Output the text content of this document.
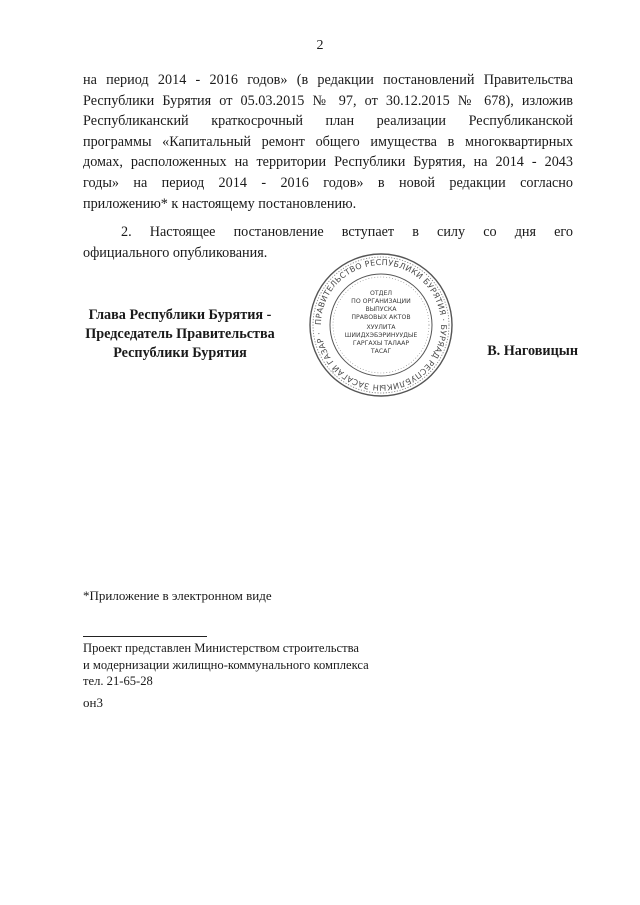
2
на период 2014 - 2016 годов» (в редакции постановлений Правительства
Республики Бурятия от 05.03.2015 № 97, от 30.12.2015 № 678), изложив
Республиканский краткосрочный план реализации Республиканской
программы «Капитальный ремонт общего имущества в многоквартирных
домах, расположенных на территории Республики Бурятия, на 2014 - 2043
годы» на период 2014 - 2016 годов» в новой редакции согласно
приложению* к настоящему постановлению.
2. Настоящее постановление вступает в силу со дня его
официального опубликования.
Глава Республики Бурятия -
Председатель Правительства
Республики Бурятия
ПРАВИТЕЛЬСТВО РЕСПУБЛИКИ БУРЯТИЯ · БУРЯАД РЕСПУБЛИКЫН ЗАСАГАЙ ГАЗАР ·
ОТДЕЛ
ПО ОРГАНИЗАЦИИ
ВЫПУСКА
ПРАВОВЫХ АКТОВ
ХУУЛИТА
ШИИДХЭБЭРИНУУДЫЕ
ГАРГАХЫ ТАЛААР
ТАСАГ	В. Наговицын
*Приложение в электронном виде
Проект представлен Министерством строительства
и модернизации жилищно-коммунального комплекса
тел. 21-65-28
он3
